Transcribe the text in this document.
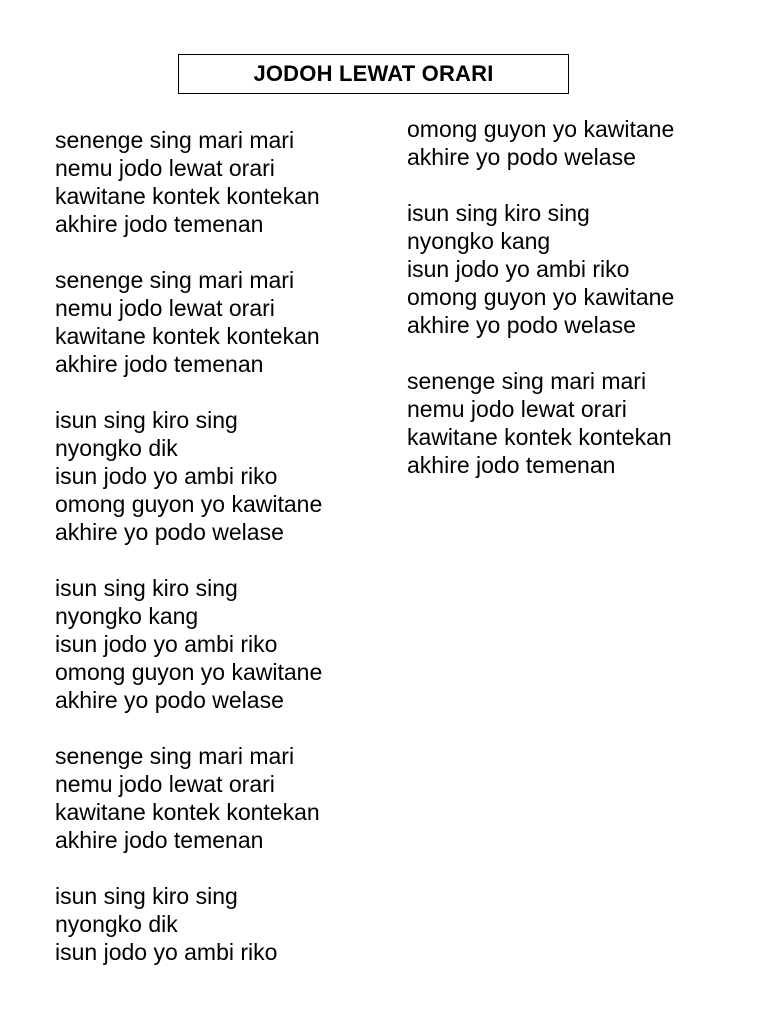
JODOH LEWAT ORARI
senenge sing mari mari
nemu jodo lewat orari
kawitane kontek kontekan
akhire jodo temenan
senenge sing mari mari
nemu jodo lewat orari
kawitane kontek kontekan
akhire jodo temenan
isun sing kiro sing
nyongko dik
isun jodo yo ambi riko
omong guyon yo kawitane
akhire yo podo welase
isun sing kiro sing
nyongko kang
isun jodo yo ambi riko
omong guyon yo kawitane
akhire yo podo welase
senenge sing mari mari
nemu jodo lewat orari
kawitane kontek kontekan
akhire jodo temenan
isun sing kiro sing
nyongko dik
isun jodo yo ambi riko
omong guyon yo kawitane
akhire yo podo welase
isun sing kiro sing
nyongko kang
isun jodo yo ambi riko
omong guyon yo kawitane
akhire yo podo welase
senenge sing mari mari
nemu jodo lewat orari
kawitane kontek kontekan
akhire jodo temenan
